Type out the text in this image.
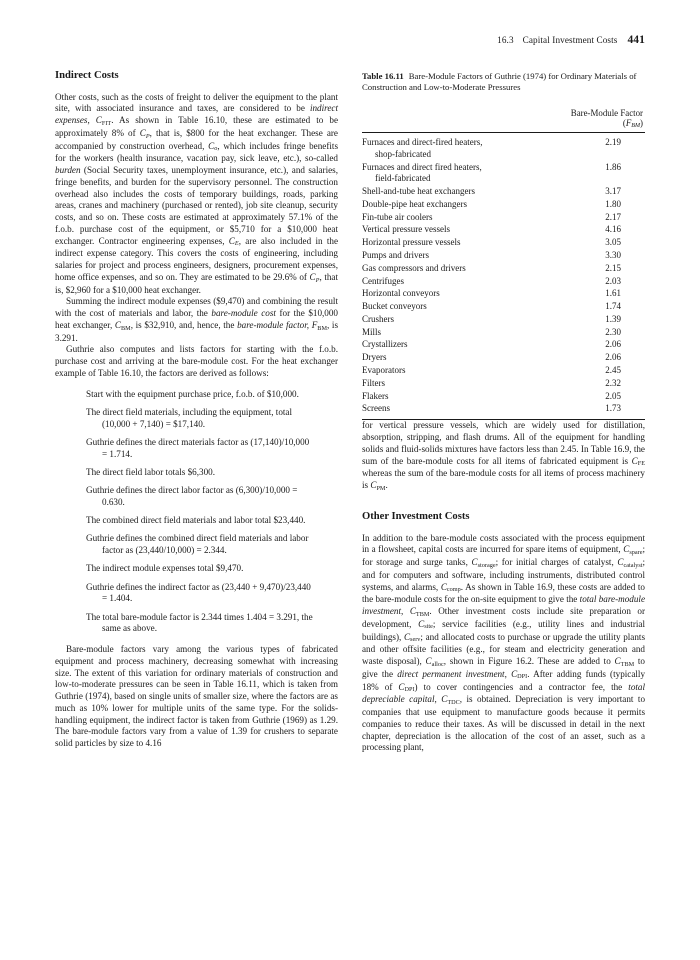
16.3 Capital Investment Costs 441
Indirect Costs

Other costs, such as the costs of freight to deliver the equipment to the plant site, with associated insurance and taxes, are considered to be indirect expenses, $C_{FIT}$. As shown in Table 16.10, these are estimated to be approximately 8% of $C_P$, that is, $800 for the heat exchanger. These are accompanied by construction overhead, $C_o$, which includes fringe benefits for the workers (health insurance, vacation pay, sick leave, etc.), so-called burden (Social Security taxes, unemployment insurance, etc.), and salaries, fringe benefits, and burden for the supervisory personnel. The construction overhead also includes the costs of temporary buildings, roads, parking areas, cranes and machinery (purchased or rented), job site cleanup, security costs, and so on. These costs are estimated at approximately 57.1% of the f.o.b. purchase cost of the equipment, or $5,710 for a $10,000 heat exchanger. Contractor engineering expenses, $C_E$, are also included in the indirect expense category. This covers the costs of engineering, including salaries for project and process engineers, designers, procurement expenses, home office expenses, and so on. They are estimated to be 29.6% of $C_P$, that is, $2,960 for a $10,000 heat exchanger.

Summing the indirect module expenses ($9,470) and combining the result with the cost of materials and labor, the bare-module cost for the $10,000 heat exchanger, $C_{BM}$, is $32,910, and, hence, the bare-module factor, $F_{BM}$, is 3.291.

Guthrie also computes and lists factors for starting with the f.o.b. purchase cost and arriving at the bare-module cost. For the heat exchanger example of Table 16.10, the factors are derived as follows:

Start with the equipment purchase price, f.o.b. of $10,000.
The direct field materials, including the equipment, total
(10,000 + 7,140) = $17,140.
Guthrie defines the direct materials factor as (17,140)/10,000
= 1.714.
The direct field labor totals $6,300.
Guthrie defines the direct labor factor as (6,300)/10,000 =
0.630.
The combined direct field materials and labor total $23,440.
Guthrie defines the combined direct field materials and labor
factor as (23,440/10,000) = 2.344.
The indirect module expenses total $9,470.
Guthrie defines the indirect factor as (23,440 + 9,470)/23,440
= 1.404.
The total bare-module factor is 2.344 times 1.404 = 3.291, the
same as above.

Bare-module factors vary among the various types of fabricated equipment and process machinery, decreasing somewhat with increasing size. The extent of this variation for ordinary materials of construction and low-to-moderate pressures can be seen in Table 16.11, which is taken from Guthrie (1974), based on single units of smaller size, where the factors are as much as 10% lower for multiple units of the same type. For the solids-handling equipment, the indirect factor is taken from Guthrie (1969) as 1.29. The bare-module factors vary from a value of 1.39 for crushers to separate solid particles by size to 4.16

Table 16.11 Bare-Module Factors of Guthrie (1974) for Ordinary Materials of Construction and Low-to-Moderate Pressures

	Bare-Module Factor $(F_{BM})$
Furnaces and direct-fired heaters,
shop-fabricated	2.19
Furnaces and direct fired heaters,
field-fabricated	1.86
Shell-and-tube heat exchangers	3.17
Double-pipe heat exchangers	1.80
Fin-tube air coolers	2.17
Vertical pressure vessels	4.16
Horizontal pressure vessels	3.05
Pumps and drivers	3.30
Gas compressors and drivers	2.15
Centrifuges	2.03
Horizontal conveyors	1.61
Bucket conveyors	1.74
Crushers	1.39
Mills	2.30
Crystallizers	2.06
Dryers	2.06
Evaporators	2.45
Filters	2.32
Flakers	2.05
Screens	1.73

for vertical pressure vessels, which are widely used for distillation, absorption, stripping, and flash drums. All of the equipment for handling solids and fluid-solids mixtures have factors less than 2.45. In Table 16.9, the sum of the bare-module costs for all items of fabricated equipment is $C_{FE}$ whereas the sum of the bare-module costs for all items of process machinery is $C_{PM}$.

Other Investment Costs

In addition to the bare-module costs associated with the process equipment in a flowsheet, capital costs are incurred for spare items of equipment, $C_{spare}$; for storage and surge tanks, $C_{storage}$; for initial charges of catalyst, $C_{catalyst}$; and for computers and software, including instruments, distributed control systems, and alarms, $C_{comp}$. As shown in Table 16.9, these costs are added to the bare-module costs for the on-site equipment to give the total bare-module investment, $C_{TBM}$. Other investment costs include site preparation or development, $C_{site}$; service facilities (e.g., utility lines and industrial buildings), $C_{serv}$; and allocated costs to purchase or upgrade the utility plants and other offsite facilities (e.g., for steam and electricity generation and waste disposal), $C_{alloc}$, shown in Figure 16.2. These are added to $C_{TBM}$ to give the direct permanent investment, $C_{DPI}$. After adding funds (typically 18% of $C_{DPI}$) to cover contingencies and a contractor fee, the total depreciable capital, $C_{TDC}$, is obtained. Depreciation is very important to companies that use equipment to manufacture goods because it permits companies to reduce their taxes. As will be discussed in detail in the next chapter, depreciation is the allocation of the cost of an asset, such as a processing plant,
